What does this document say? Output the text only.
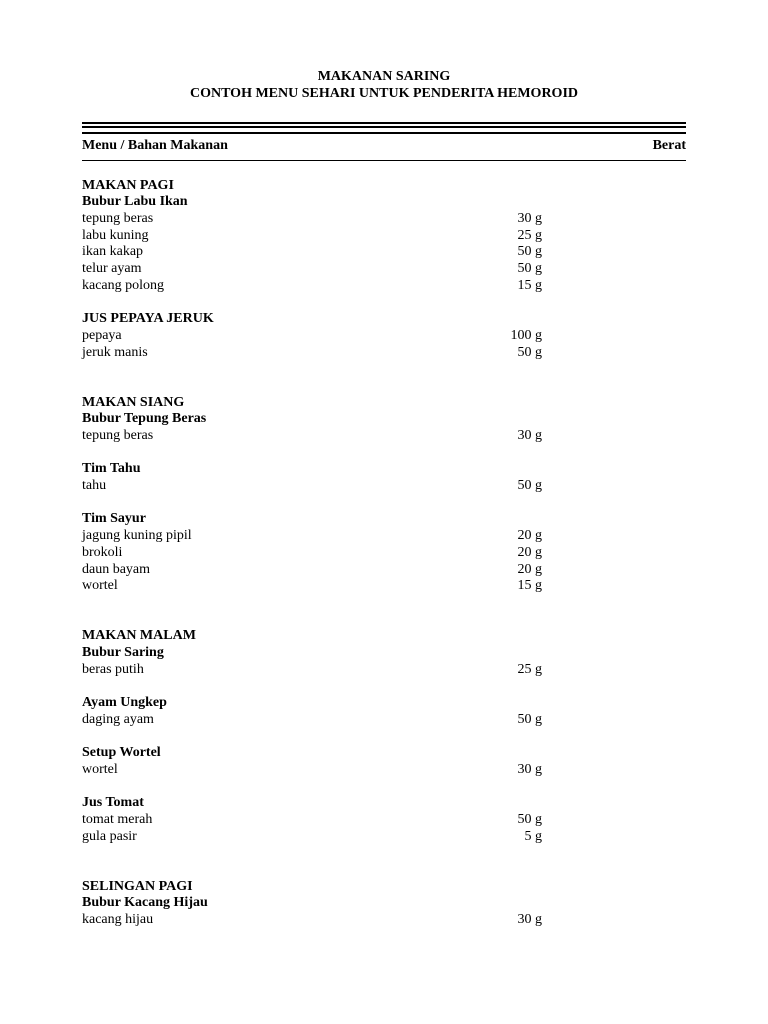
MAKANAN SARING

CONTOH MENU SEHARI UNTUK PENDERITA HEMOROID

Menu / Bahan Makanan	Berat
MAKAN PAGI
Bubur Labu Ikan
tepung beras	30 g
labu kuning	25 g
ikan kakap	50 g
telur ayam	50 g
kacang polong	15 g
JUS PEPAYA JERUK
pepaya	100 g
jeruk manis	50 g
MAKAN SIANG
Bubur Tepung Beras
tepung beras	30 g
Tim Tahu
tahu	50 g
Tim Sayur
jagung kuning pipil	20 g
brokoli	20 g
daun bayam	20 g
wortel	15 g
MAKAN MALAM
Bubur Saring
beras putih	25 g
Ayam Ungkep
daging ayam	50 g
Setup Wortel
wortel	30 g
Jus Tomat
tomat merah	50 g
gula pasir	5 g
SELINGAN PAGI
Bubur Kacang Hijau
kacang hijau	30 g
